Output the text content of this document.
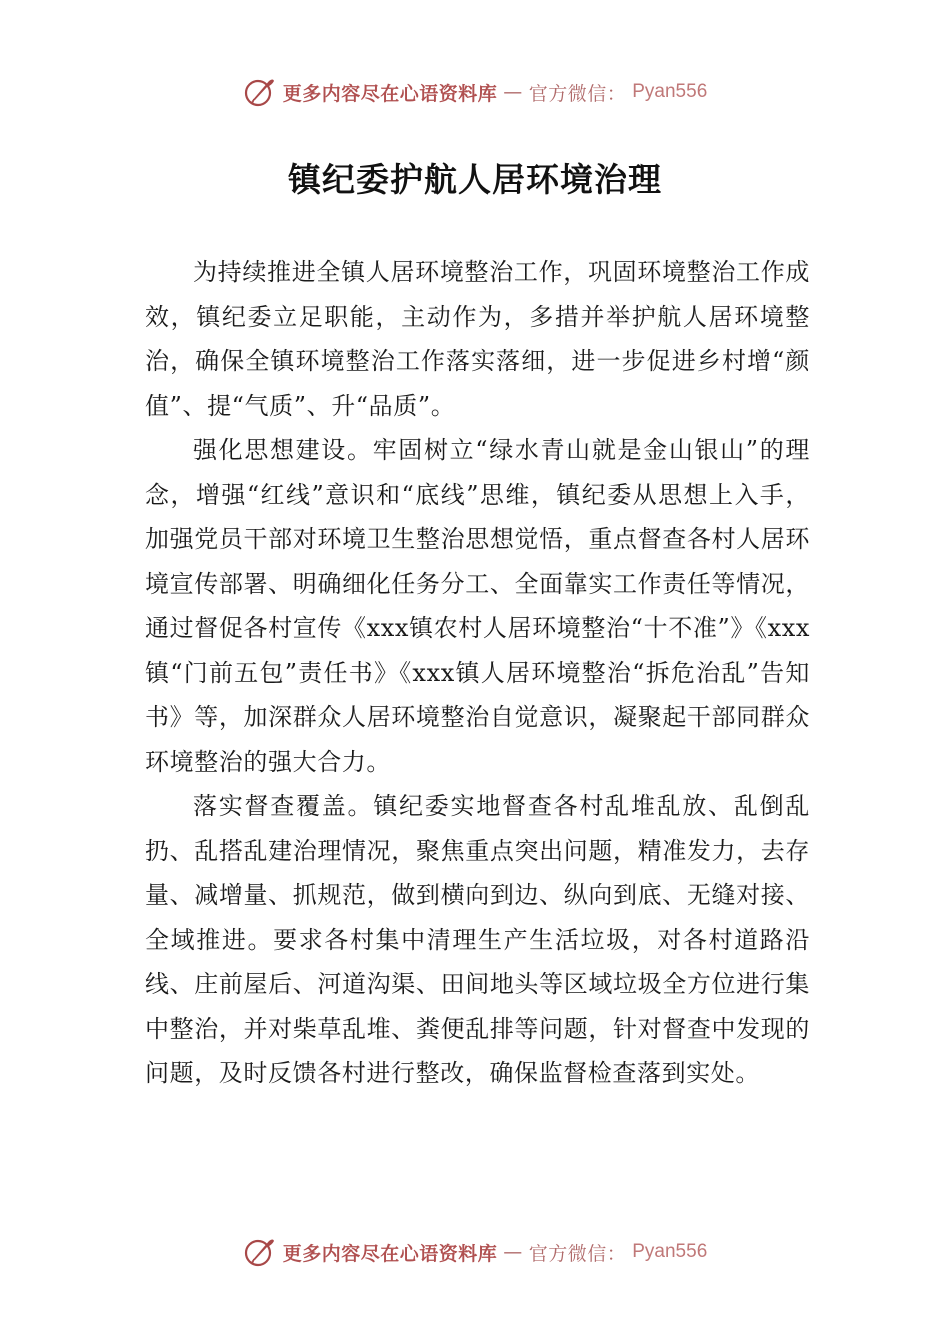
更多内容尽在心语资料库 — 官方微信： Pyan556
镇纪委护航人居环境治理

为持续推进全镇人居环境整治工作，巩固环境整治工作成效，镇纪委立足职能，主动作为，多措并举护航人居环境整治，确保全镇环境整治工作落实落细，进一步促进乡村增“颜值”、提“气质”、升“品质”。

强化思想建设。牢固树立“绿水青山就是金山银山”的理念，增强“红线”意识和“底线”思维，镇纪委从思想上入手，加强党员干部对环境卫生整治思想觉悟，重点督查各村人居环境宣传部署、明确细化任务分工、全面靠实工作责任等情况，通过督促各村宣传《xxx镇农村人居环境整治“十不准”》《xxx镇“门前五包”责任书》《xxx镇人居环境整治“拆危治乱”告知书》等，加深群众人居环境整治自觉意识，凝聚起干部同群众环境整治的强大合力。

落实督查覆盖。镇纪委实地督查各村乱堆乱放、乱倒乱扔、乱搭乱建治理情况，聚焦重点突出问题，精准发力，去存量、减增量、抓规范，做到横向到边、纵向到底、无缝对接、全域推进。要求各村集中清理生产生活垃圾，对各村道路沿线、庄前屋后、河道沟渠、田间地头等区域垃圾全方位进行集中整治，并对柴草乱堆、粪便乱排等问题，针对督查中发现的问题，及时反馈各村进行整改，确保监督检查落到实处。

更多内容尽在心语资料库 — 官方微信： Pyan556
